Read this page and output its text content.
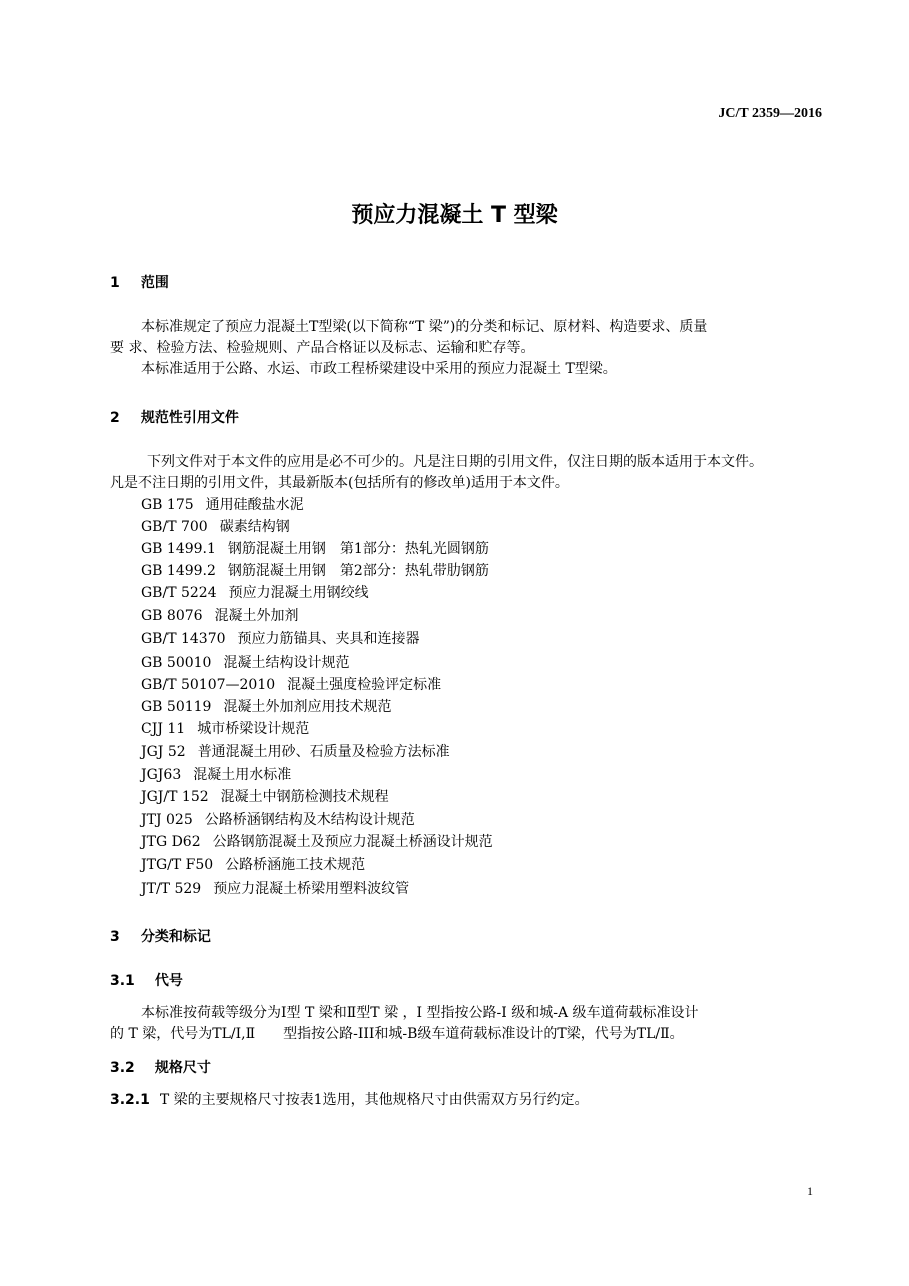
JC/T 2359—2016
预应力混凝土 T 型梁
1 范围
本标准规定了预应力混凝土T型梁(以下简称“T 梁”)的分类和标记、原材料、构造要求、质量
要 求、检验方法、检验规则、产品合格证以及标志、运输和贮存等。
本标准适用于公路、水运、市政工程桥梁建设中采用的预应力混凝土 T型梁。
2 规范性引用文件
下列文件对于本文件的应用是必不可少的。凡是注日期的引用文件，仅注日期的版本适用于本文件。
凡是不注日期的引用文件，其最新版本(包括所有的修改单)适用于本文件。
GB 175 通用硅酸盐水泥
GB/T 700 碳素结构钢
GB 1499.1 钢筋混凝土用钢　第1部分：热轧光圆钢筋
GB 1499.2 钢筋混凝土用钢　第2部分：热轧带肋钢筋
GB/T 5224 预应力混凝土用钢绞线
GB 8076 混凝土外加剂
GB/T 14370 预应力筋锚具、夹具和连接器
GB 50010 混凝土结构设计规范
GB/T 50107—2010 混凝土强度检验评定标准
GB 50119 混凝土外加剂应用技术规范
CJJ 11 城市桥梁设计规范
JGJ 52 普通混凝土用砂、石质量及检验方法标准
JGJ63 混凝土用水标准
JGJ/T 152 混凝土中钢筋检测技术规程
JTJ 025 公路桥涵钢结构及木结构设计规范
JTG D62 公路钢筋混凝土及预应力混凝土桥涵设计规范
JTG/T F50 公路桥涵施工技术规范
JT/T 529 预应力混凝土桥梁用塑料波纹管
3 分类和标记
3.1 代号
本标准按荷载等级分为Ⅰ型 T 梁和Ⅱ型T 梁 ，Ⅰ 型指按公路-I 级和城-A 级车道荷载标准设计
的 T 梁，代号为TL/I,Ⅱ　　型指按公路-III和城-B级车道荷载标准设计的T梁，代号为TL/Ⅱ。
3.2 规格尺寸
3.2.1 T 梁的主要规格尺寸按表1选用，其他规格尺寸由供需双方另行约定。
1
